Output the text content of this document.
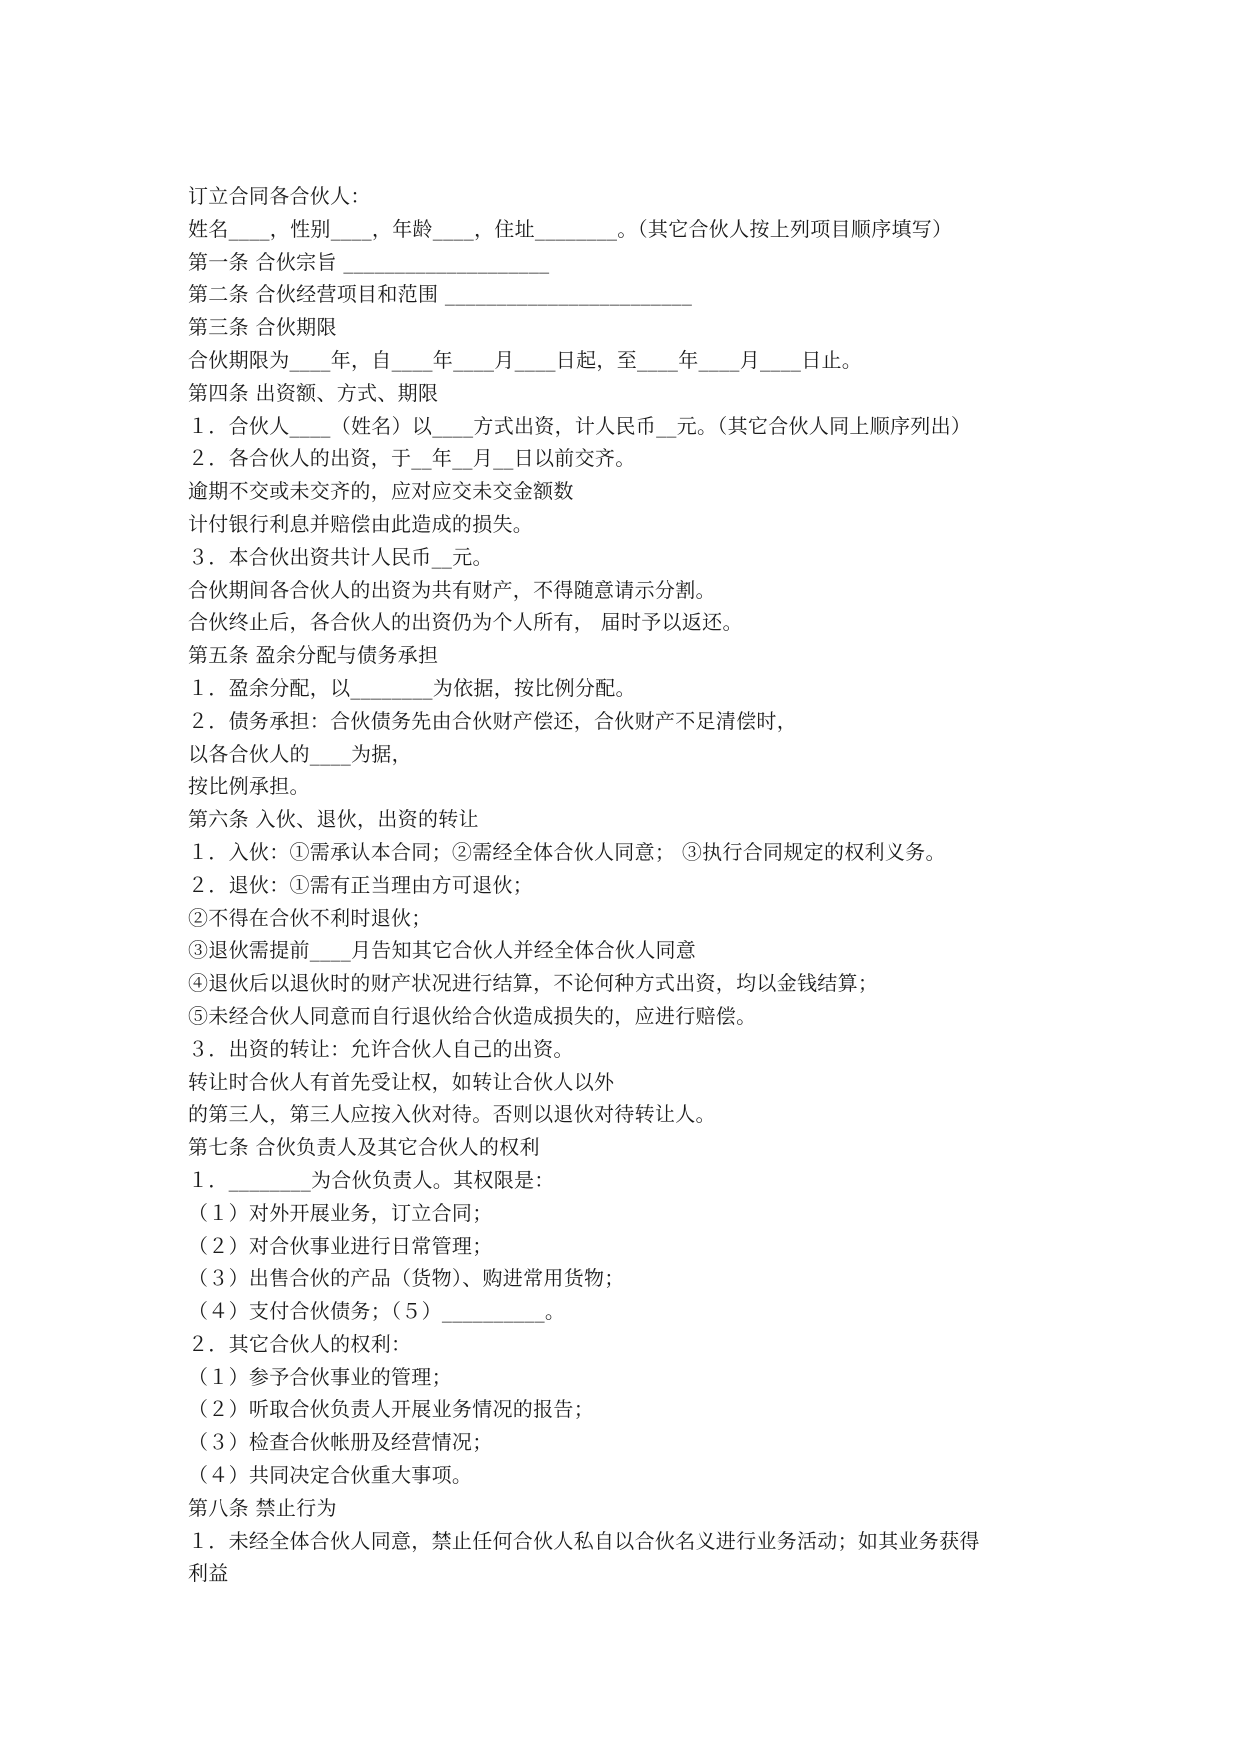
订立合同各合伙人：
姓名____，性别____，年龄____，住址________。（其它合伙人按上列项目顺序填写）
第一条 合伙宗旨 ____________________
第二条 合伙经营项目和范围 ________________________
第三条 合伙期限
合伙期限为____年，自____年____月____日起，至____年____月____日止。
第四条 出资额、方式、期限
１．合伙人____（姓名）以____方式出资，计人民币__元。（其它合伙人同上顺序列出）
２．各合伙人的出资，于__年__月__日以前交齐。
逾期不交或未交齐的，应对应交未交金额数
计付银行利息并赔偿由此造成的损失。
３．本合伙出资共计人民币__元。
合伙期间各合伙人的出资为共有财产，不得随意请示分割。
合伙终止后，各合伙人的出资仍为个人所有， 届时予以返还。
第五条 盈余分配与债务承担
１．盈余分配，以________为依据，按比例分配。
２．债务承担：合伙债务先由合伙财产偿还，合伙财产不足清偿时，
以各合伙人的____为据，
按比例承担。
第六条 入伙、退伙，出资的转让
１．入伙：①需承认本合同；②需经全体合伙人同意； ③执行合同规定的权利义务。
２．退伙：①需有正当理由方可退伙；
②不得在合伙不利时退伙；
③退伙需提前____月告知其它合伙人并经全体合伙人同意
④退伙后以退伙时的财产状况进行结算，不论何种方式出资，均以金钱结算；
⑤未经合伙人同意而自行退伙给合伙造成损失的，应进行赔偿。
３．出资的转让：允许合伙人自己的出资。
转让时合伙人有首先受让权，如转让合伙人以外
的第三人，第三人应按入伙对待。否则以退伙对待转让人。
第七条 合伙负责人及其它合伙人的权利
１．________为合伙负责人。其权限是：
（１）对外开展业务，订立合同；
（２）对合伙事业进行日常管理；
（３）出售合伙的产品（货物）、购进常用货物；
（４）支付合伙债务；（５）__________。
２．其它合伙人的权利：
（１）参予合伙事业的管理；
（２）听取合伙负责人开展业务情况的报告；
（３）检查合伙帐册及经营情况；
（４）共同决定合伙重大事项。
第八条 禁止行为
１．未经全体合伙人同意，禁止任何合伙人私自以合伙名义进行业务活动；如其业务获得
利益
